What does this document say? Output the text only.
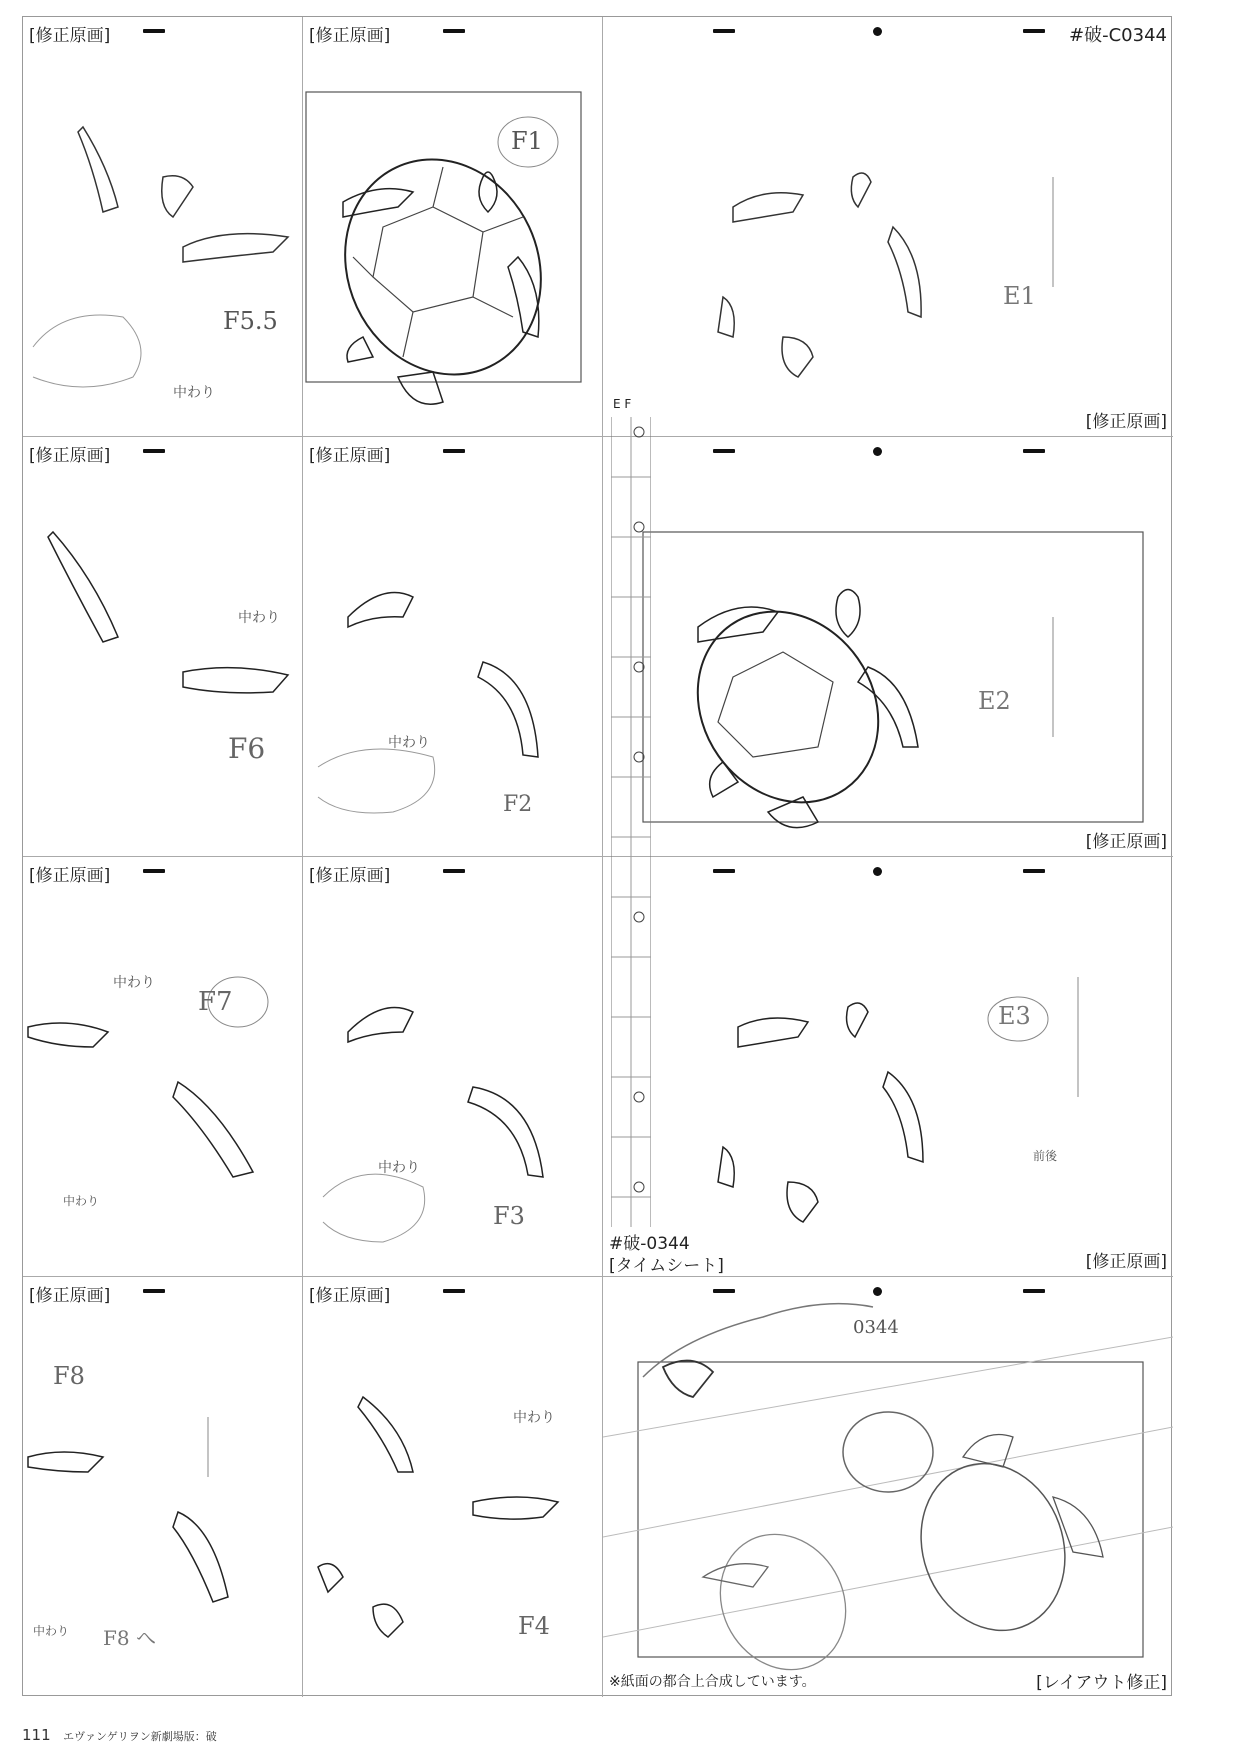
[修正原画]
F5.5
中わり
[修正原画]
F1
#破-C0344
E1
[修正原画]
[修正原画]
中わり
F6
[修正原画]
中わり
F2
E2
[修正原画]
[修正原画]
中わり
F7
中わり
[修正原画]
中わり
F3
E3
前後
#破-0344
[タイムシート]	[修正原画]
[修正原画]
F8
F8 へ
中わり
[修正原画]
中わり
F4
0344
※紙面の都合上合成しています。	[レイアウト修正]
E F
111 エヴァンゲリヲン新劇場版：破
